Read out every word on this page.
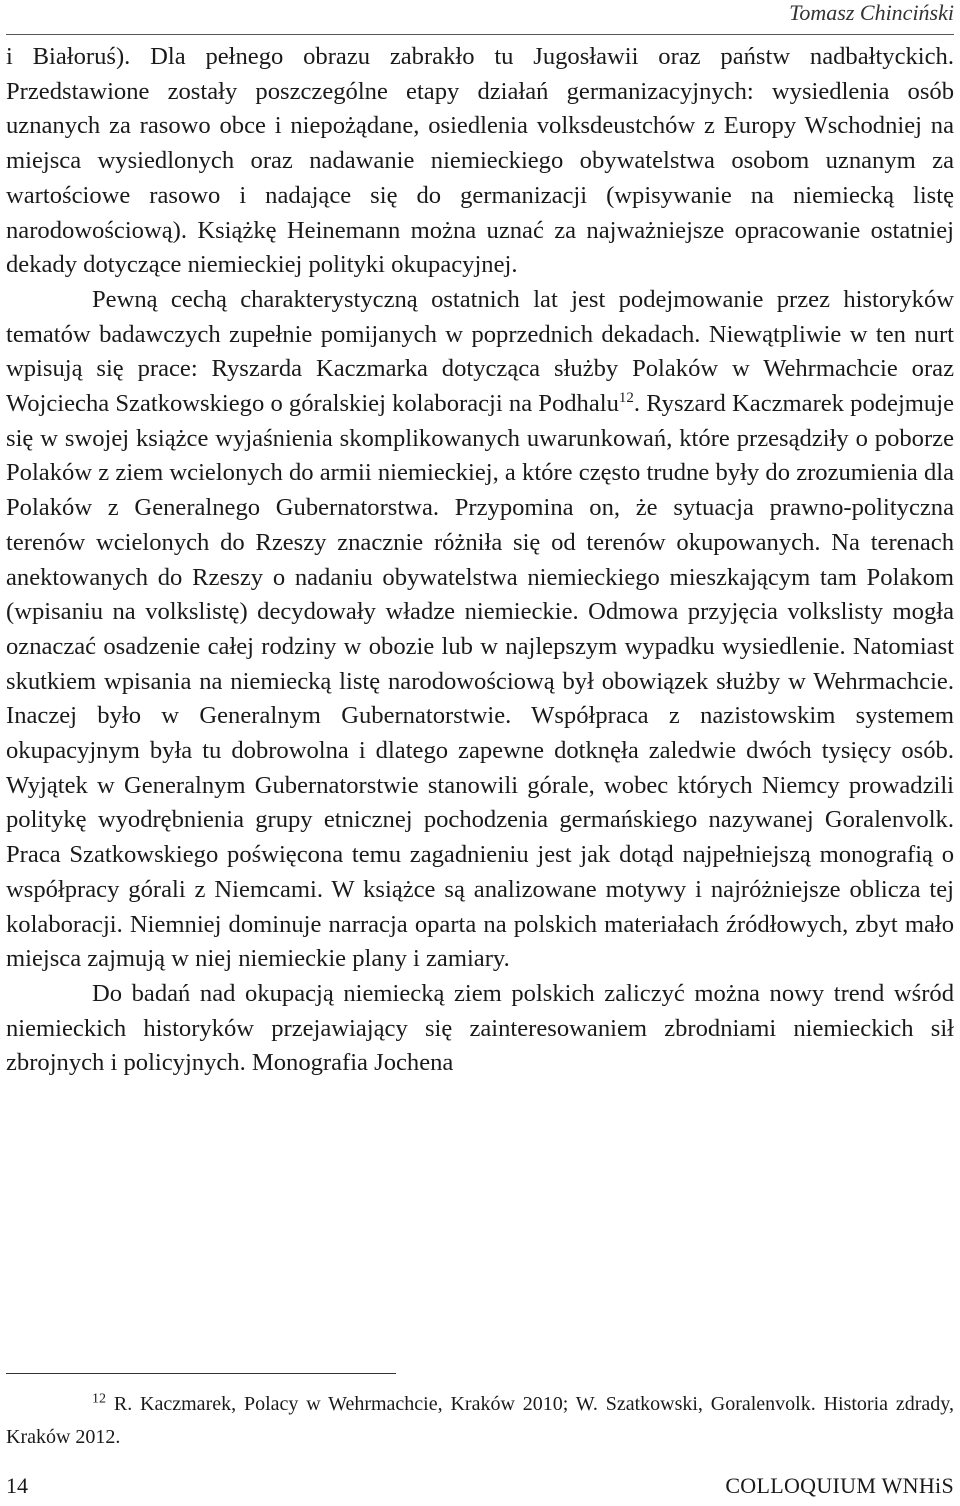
Tomasz Chinciński

i Białoruś). Dla pełnego obrazu zabrakło tu Jugosławii oraz państw nadbałtyckich. Przedstawione zostały poszczególne etapy działań germanizacyjnych: wysiedlenia osób uznanych za rasowo obce i niepożądane, osiedlenia volksdeustchów z Europy Wschodniej na miejsca wysiedlonych oraz nadawanie niemieckiego obywatelstwa osobom uznanym za wartościowe rasowo i nadające się do germanizacji (wpisywanie na niemiecką listę narodowościową). Książkę Heinemann można uznać za najważniejsze opracowanie ostatniej dekady dotyczące niemieckiej polityki okupacyjnej.

Pewną cechą charakterystyczną ostatnich lat jest podejmowanie przez historyków tematów badawczych zupełnie pomijanych w poprzednich dekadach. Niewątpliwie w ten nurt wpisują się prace: Ryszarda Kaczmarka dotycząca służby Polaków w Wehrmachcie oraz Wojciecha Szatkowskiego o góralskiej kolaboracji na Podhalu$^{12}$. Ryszard Kaczmarek podejmuje się w swojej książce wyjaśnienia skomplikowanych uwarunkowań, które przesądziły o poborze Polaków z ziem wcielonych do armii niemieckiej, a które często trudne były do zrozumienia dla Polaków z Generalnego Gubernatorstwa. Przypomina on, że sytuacja prawno-polityczna terenów wcielonych do Rzeszy znacznie różniła się od terenów okupowanych. Na terenach anektowanych do Rzeszy o nadaniu obywatelstwa niemieckiego mieszkającym tam Polakom (wpisaniu na volkslistę) decydowały władze niemieckie. Odmowa przyjęcia volkslisty mogła oznaczać osadzenie całej rodziny w obozie lub w najlepszym wypadku wysiedlenie. Natomiast skutkiem wpisania na niemiecką listę narodowościową był obowiązek służby w Wehrmachcie. Inaczej było w Generalnym Gubernatorstwie. Współpraca z nazistowskim systemem okupacyjnym była tu dobrowolna i dlatego zapewne dotknęła zaledwie dwóch tysięcy osób. Wyjątek w Generalnym Gubernatorstwie stanowili górale, wobec których Niemcy prowadzili politykę wyodrębnienia grupy etnicznej pochodzenia germańskiego nazywanej Goralenvolk. Praca Szatkowskiego poświęcona temu zagadnieniu jest jak dotąd najpełniejszą monografią o współpracy górali z Niemcami. W książce są analizowane motywy i najróżniejsze oblicza tej kolaboracji. Niemniej dominuje narracja oparta na polskich materiałach źródłowych, zbyt mało miejsca zajmują w niej niemieckie plany i zamiary.

Do badań nad okupacją niemiecką ziem polskich zaliczyć można nowy trend wśród niemieckich historyków przejawiający się zainteresowaniem zbrodniami niemieckich sił zbrojnych i policyjnych. Monografia Jochena

$^{12}$ R. Kaczmarek, Polacy w Wehrmachcie, Kraków 2010; W. Szatkowski, Goralenvolk. Historia zdrady, Kraków 2012.
14	COLLOQUIUM WNHiS
